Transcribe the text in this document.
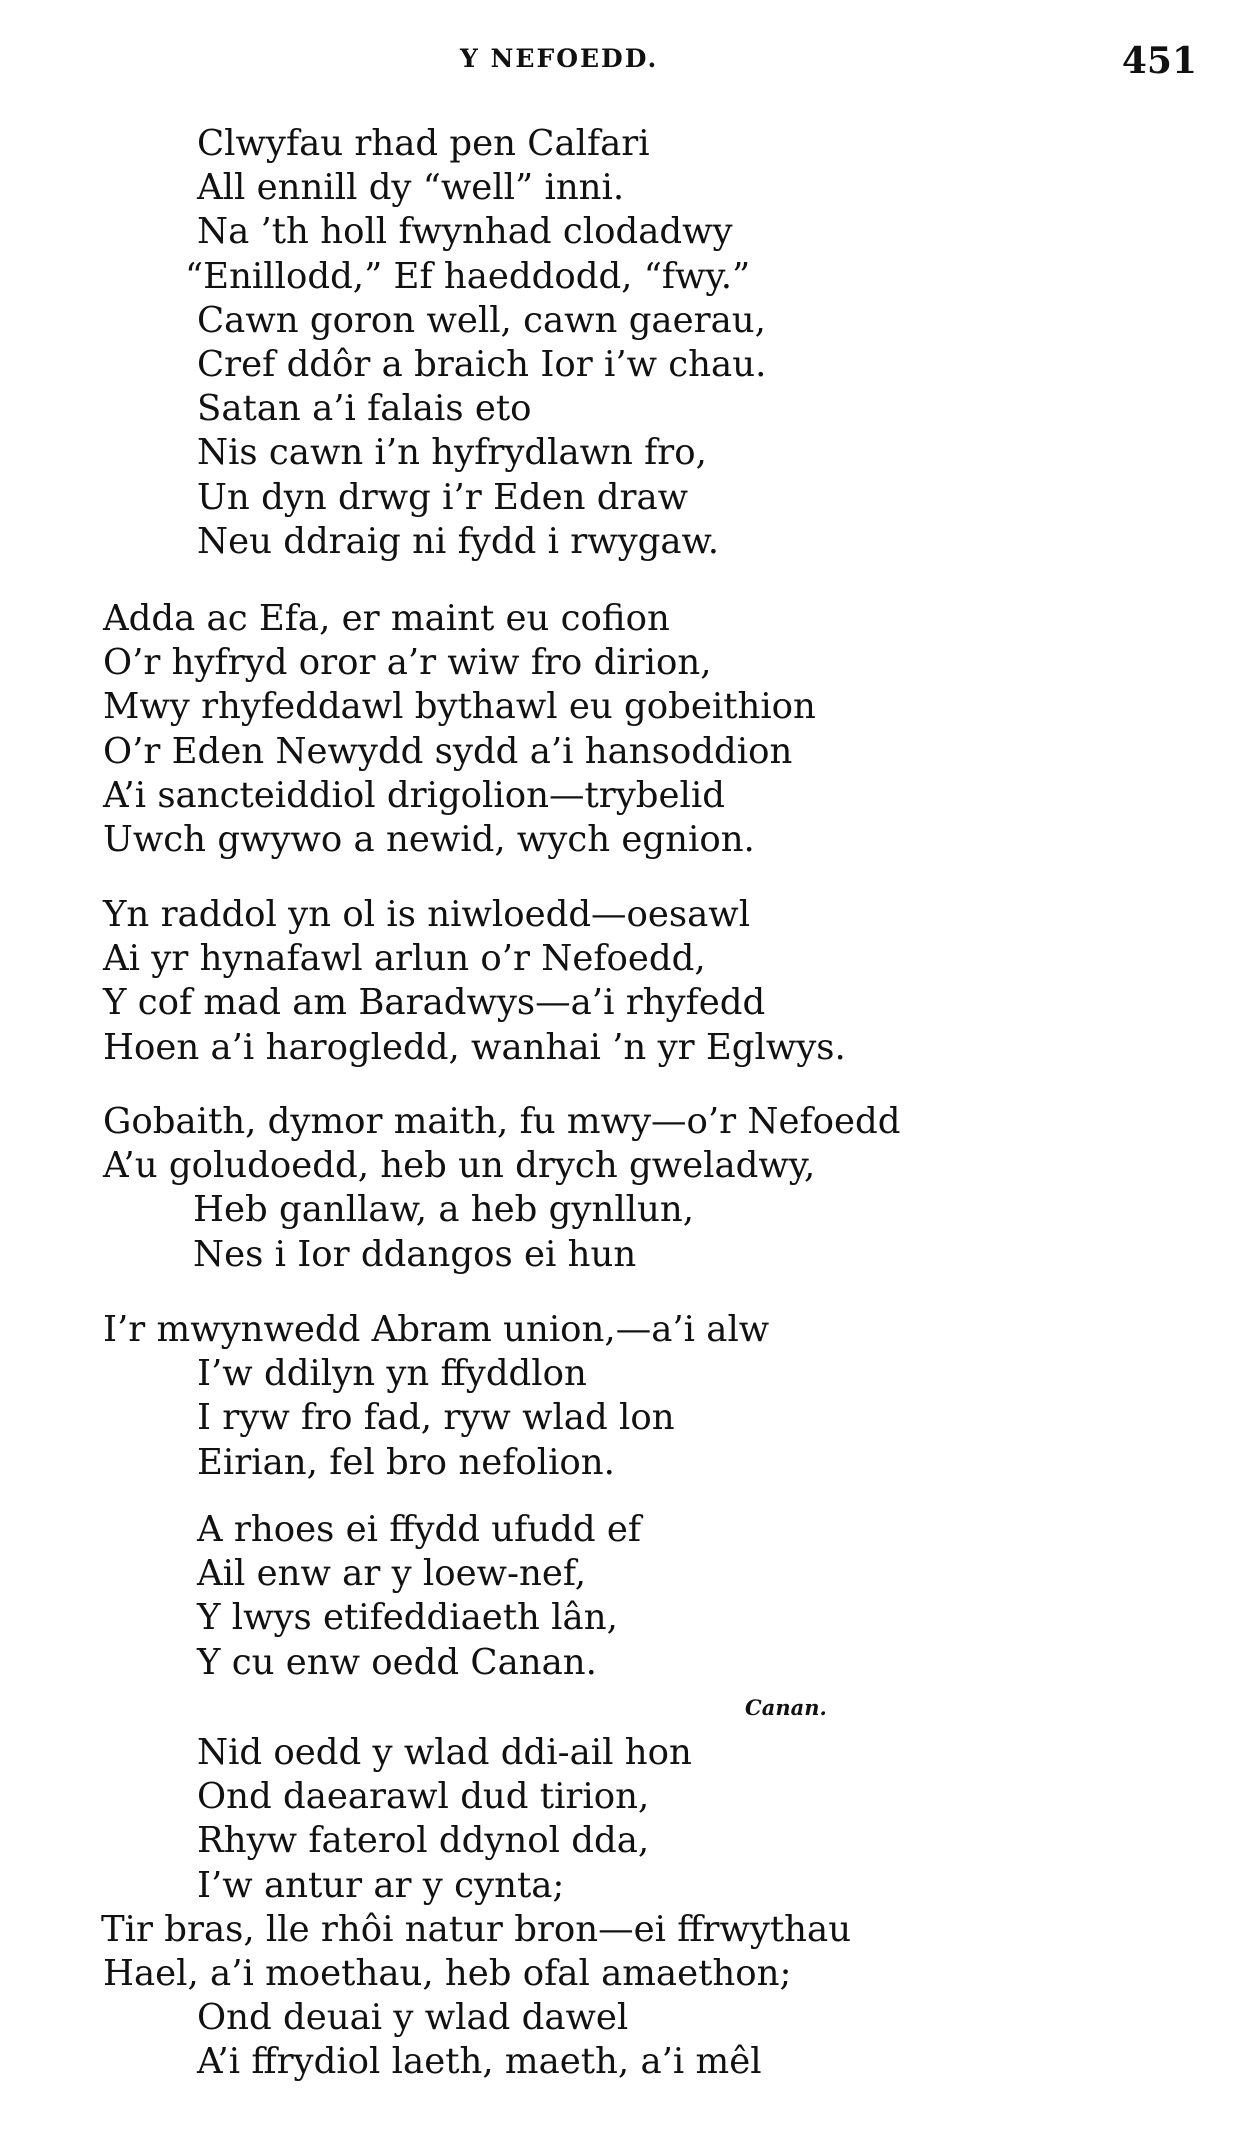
Y NEFOEDD.	451
Clwyfau rhad pen Calfari
All ennill dy “well” inni.
Na ’th holl fwynhad clodadwy
“Enillodd,” Ef haeddodd, “fwy.”
Cawn goron well, cawn gaerau,
Cref ddôr a braich Ior i’w chau.
Satan a’i falais eto
Nis cawn i’n hyfrydlawn fro,
Un dyn drwg i’r Eden draw
Neu ddraig ni fydd i rwygaw.
Adda ac Efa, er maint eu cofion
O’r hyfryd oror a’r wiw fro dirion,
Mwy rhyfeddawl bythawl eu gobeithion
O’r Eden Newydd sydd a’i hansoddion
A’i sancteiddiol drigolion—trybelid
Uwch gwywo a newid, wych egnion.
Yn raddol yn ol is niwloedd—oesawl
Ai yr hynafawl arlun o’r Nefoedd,
Y cof mad am Baradwys—a’i rhyfedd
Hoen a’i harogledd, wanhai ’n yr Eglwys.
Gobaith, dymor maith, fu mwy—o’r Nefoedd
A’u goludoedd, heb un drych gweladwy,
Heb ganllaw, a heb gynllun,
Nes i Ior ddangos ei hun
I’r mwynwedd Abram union,—a’i alw
I’w ddilyn yn ffyddlon
I ryw fro fad, ryw wlad lon
Eirian, fel bro nefolion.
A rhoes ei ffydd ufudd ef
Ail enw ar y loew-nef,
Y lwys etifeddiaeth lân,
Y cu enw oedd Canan.
Canan.
Nid oedd y wlad ddi-ail hon
Ond daearawl dud tirion,
Rhyw faterol ddynol dda,
I’w antur ar y cynta;
Tir bras, lle rhôi natur bron—ei ffrwythau
Hael, a’i moethau, heb ofal amaethon;
Ond deuai y wlad dawel
A’i ffrydiol laeth, maeth, a’i mêl
